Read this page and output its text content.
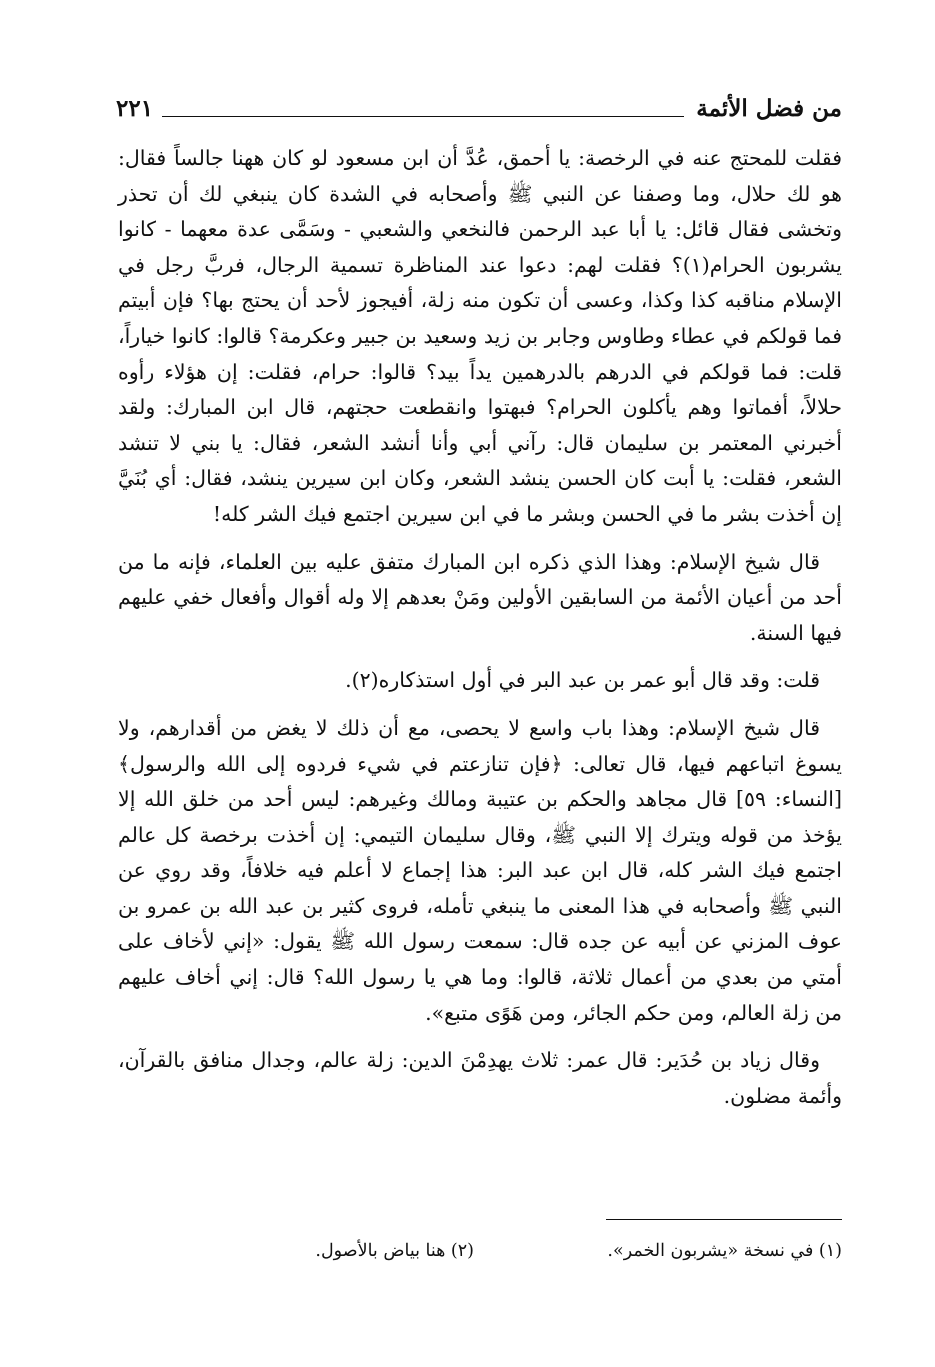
من فضل الأئمة
٢٢١

فقلت للمحتج عنه في الرخصة: يا أحمق، عُدَّ أن ابن مسعود لو كان ههنا جالساً فقال: هو لك حلال، وما وصفنا عن النبي ﷺ وأصحابه في الشدة كان ينبغي لك أن تحذر وتخشى فقال قائل: يا أبا عبد الرحمن فالنخعي والشعبي - وسَمَّى عدة معهما - كانوا يشربون الحرام(١)؟ فقلت لهم: دعوا عند المناظرة تسمية الرجال، فربَّ رجل في الإسلام مناقبه كذا وكذا، وعسى أن تكون منه زلة، أفيجوز لأحد أن يحتج بها؟ فإن أبيتم فما قولكم في عطاء وطاوس وجابر بن زيد وسعيد بن جبير وعكرمة؟ قالوا: كانوا خياراً، قلت: فما قولكم في الدرهم بالدرهمين يداً بيد؟ قالوا: حرام، فقلت: إن هؤلاء رأوه حلالاً، أفماتوا وهم يأكلون الحرام؟ فبهتوا وانقطعت حجتهم، قال ابن المبارك: ولقد أخبرني المعتمر بن سليمان قال: رآني أبي وأنا أنشد الشعر، فقال: يا بني لا تنشد الشعر، فقلت: يا أبت كان الحسن ينشد الشعر، وكان ابن سيرين ينشد، فقال: أي بُنَيَّ إن أخذت بشر ما في الحسن وبشر ما في ابن سيرين اجتمع فيك الشر كله!

قال شيخ الإسلام: وهذا الذي ذكره ابن المبارك متفق عليه بين العلماء، فإنه ما من أحد من أعيان الأئمة من السابقين الأولين ومَنْ بعدهم إلا وله أقوال وأفعال خفي عليهم فيها السنة.

قلت: وقد قال أبو عمر بن عبد البر في أول استذكاره(٢).

قال شيخ الإسلام: وهذا باب واسع لا يحصى، مع أن ذلك لا يغض من أقدارهم، ولا يسوغ اتباعهم فيها، قال تعالى: ﴿فإن تنازعتم في شيء فردوه إلى الله والرسول﴾ [النساء: ٥٩] قال مجاهد والحكم بن عتيبة ومالك وغيرهم: ليس أحد من خلق الله إلا يؤخذ من قوله ويترك إلا النبي ﷺ، وقال سليمان التيمي: إن أخذت برخصة كل عالم اجتمع فيك الشر كله، قال ابن عبد البر: هذا إجماع لا أعلم فيه خلافاً، وقد روي عن النبي ﷺ وأصحابه في هذا المعنى ما ينبغي تأمله، فروى كثير بن عبد الله بن عمرو بن عوف المزني عن أبيه عن جده قال: سمعت رسول الله ﷺ يقول: «إني لأخاف على أمتي من بعدي من أعمال ثلاثة، قالوا: وما هي يا رسول الله؟ قال: إني أخاف عليهم من زلة العالم، ومن حكم الجائر، ومن هَوًى متبع».

وقال زياد بن حُدَير: قال عمر: ثلاث يهدِمْنَ الدين: زلة عالم، وجدال منافق بالقرآن، وأئمة مضلون.

(١) في نسخة «يشربون الخمر».
(٢) هنا بياض بالأصول.
